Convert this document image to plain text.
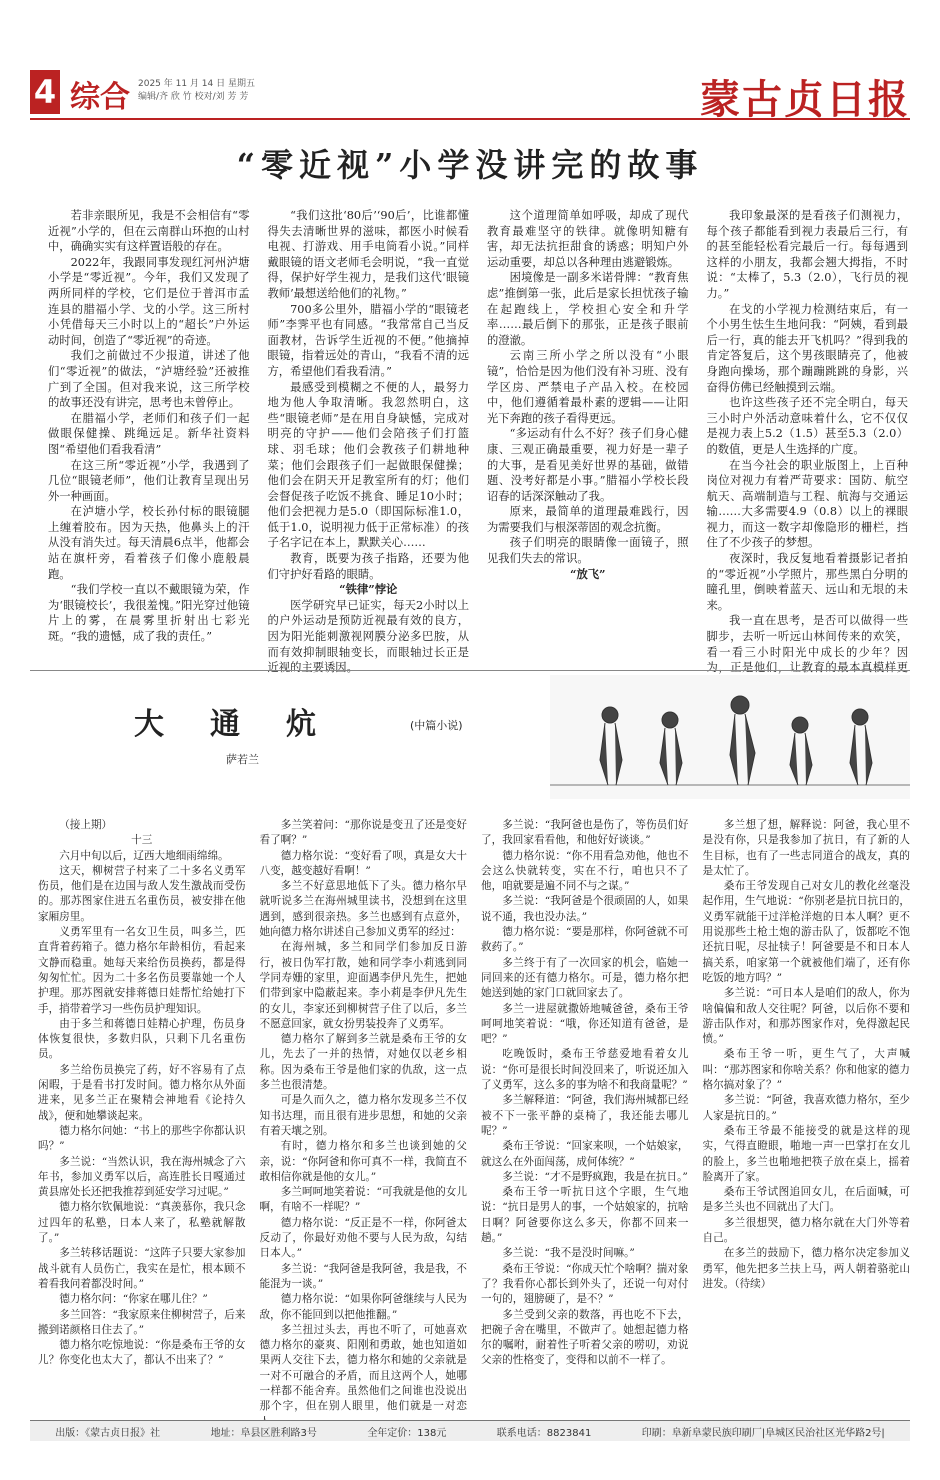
4 综合 2025 年 11 月 14 日 星期五
编辑/齐 欣 竹 校对/刘 芳 芳	蒙古贞日报
“零近视”小学没讲完的故事

若非亲眼所见，我是不会相信有“零近视”小学的，但在云南群山环抱的山村中，确确实实有这样置语般的存在。

2022年，我跟同事发现红河州泸塘小学是“零近视”。今年，我们又发现了两所同样的学校，它们是位于普洱市孟连县的腊福小学、戈的小学。这三所村小凭借每天三小时以上的“超长”户外运动时间，创造了“零近视”的奇迹。

我们之前做过不少报道，讲述了他们“零近视”的做法，“泸塘经验”还被推广到了全国。但对我来说，这三所学校的故事还没有讲完，思考也未曾停止。

在腊福小学，老师们和孩子们一起做眼保健操、跳绳远足。新华社资料图“希望他们看我看清”

在这三所“零近视”小学，我遇到了几位“眼镜老师”，他们让教育呈现出另外一种画面。

在泸塘小学，校长孙付标的眼镜腿上缠着胶布。因为天热，他鼻头上的汗从没有消失过。每天清晨6点半，他都会站在旗杆旁，看着孩子们像小鹿般晨跑。

“我们学校一直以不戴眼镜为荣，作为‘眼镜校长’，我很羞愧。”阳光穿过他镜片上的雾，在晨雾里折射出七彩光斑。“我的遗憾，成了我的责任。”

“我们这批‘80后’‘90后’，比谁都懂得失去清晰世界的滋味，都医小时候看电视、打游戏、用手电筒看小说。”同样戴眼镜的语文老师毛会明说，“我一直觉得，保护好学生视力，是我们这代‘眼镜教师’最想送给他们的礼物。”

700多公里外，腊福小学的“眼镜老师”李霁平也有同感。“我常常自己当反面教材，告诉学生近视的不便。”他摘掉眼镜，指着远处的青山，“我看不清的远方，希望他们看我看清。”

最感受到模糊之不便的人，最努力地为他人争取清晰。我忽然明白，这些“眼镜老师”是在用自身缺憾，完成对明亮的守护——他们会陪孩子们打篮球、羽毛球；他们会教孩子们耕地种菜；他们会跟孩子们一起做眼保健操；他们会在阴天开足教室所有的灯；他们会督促孩子吃饭不挑食、睡足10小时；他们会把视力是5.0（即国际标准1.0，低于1.0，说明视力低于正常标准）的孩子名字记在本上，默默关心……

教育，既要为孩子指路，还要为他们守护好看路的眼睛。

“铁律”悖论

医学研究早已证实，每天2小时以上的户外运动是预防近视最有效的良方，因为阳光能刺激视网膜分泌多巴胺，从而有效抑制眼轴变长，而眼轴过长正是近视的主要诱因。

这个道理简单如呼吸，却成了现代教育最难坚守的铁律。就像明知糖有害，却无法抗拒甜食的诱惑；明知户外运动重要，却总以各种理由逃避锻炼。

困境像是一副多米诺骨牌：“教育焦虑”推倒第一张，此后是家长担忧孩子输在起跑线上，学校担心安全和升学率……最后倒下的那张，正是孩子眼前的澄澈。

云南三所小学之所以没有“小眼镜”，恰恰是因为他们没有补习班、没有学区房、严禁电子产品入校。在校园中，他们遵循着最朴素的逻辑——让阳光下奔跑的孩子看得更远。

“多运动有什么不好？孩子们身心健康、三观正确最重要，视力好是一辈子的大事，是看见美好世界的基础，做错题、没考好都是小事。”腊福小学校长段诏春的话深深触动了我。

原来，最简单的道理最难践行，因为需要我们与根深蒂固的观念抗衡。

孩子们明亮的眼睛像一面镜子，照见我们失去的常识。

“放飞”

我印象最深的是看孩子们测视力，每个孩子都能看到视力表最后三行，有的甚至能轻松看完最后一行。每每遇到这样的小朋友，我都会翘大拇指，不时说：“太棒了，5.3（2.0），飞行员的视力。”

在戈的小学视力检测结束后，有一个小男生怯生生地问我：“阿姨，看到最后一行，真的能去开飞机吗？”得到我的肯定答复后，这个男孩眼睛亮了，他被身跑向操场，那个蹦蹦跳跳的身影，兴奋得仿佛已经触摸到云端。

也许这些孩子还不完全明白，每天三小时户外活动意味着什么，它不仅仅是视力表上5.2（1.5）甚至5.3（2.0）的数值，更是人生选择的广度。

在当今社会的职业版图上，上百种岗位对视力有着严苛要求：国防、航空航天、高端制造与工程、航海与交通运输……大多需要4.9（0.8）以上的裸眼视力，而这一数字却像隐形的栅栏，挡住了不少孩子的梦想。

夜深时，我反复地看着摄影记者拍的“零近视”小学照片，那些黑白分明的瞳孔里，倒映着蓝天、远山和无垠的未来。

我一直在思考，是否可以做得一些脚步，去听一听远山林间传来的欢笑，看一看三小时阳光中成长的少年？因为，正是他们，让教育的最本真模样更

大通炕	(中篇小说)
萨若兰

（接上期）

十三

六月中旬以后，辽西大地细雨绵绵。

这天，柳树营子村来了二十多名义勇军伤员，他们是在边国与敌人发生激战而受伤的。那苏图家住进五名重伤员，被安排在他家厢房里。

义勇军里有一名女卫生员，叫多兰，匹直背着药箱子。德力格尔年龄相仿，看起来文静而稳重。她每天来给伤员换药，都是得匆匆忙忙。因为二十多名伤员要靠她一个人护理。那苏图就安排蒋德日娃帮忙给她打下手，捎带着学习一些伤员护理知识。

由于多兰和蒋德日娃精心护理，伤员身体恢复很快，多数归队，只剩下几名重伤员。

多兰给伤员换完了药，好不容易有了点闲暇，于是看书打发时间。德力格尔从外面进来，见多兰正在聚精会神地看《论持久战》，便和她攀谈起来。

德力格尔问她：“书上的那些字你都认识吗？”

多兰说：“当然认识，我在海州城念了六年书，参加义勇军以后，高连胜长日嘎通过黄县席处长还把我推荐到延安学习过呢。”

德力格尔钦佩地说：“真羡慕你，我只念过四年的私塾，日本人来了，私塾就解散了。”

多兰转移话题说：“这阵子只要大家参加战斗就有人员伤亡，我实在是忙，根本顾不着看我问着都没时间。”

德力格尔问：“你家在哪儿住？”

多兰回答：“我家原来住柳树营子，后来搬到诺颜格日住去了。”

德力格尔吃惊地说：“你是桑布王爷的女儿？你变化也太大了，都认不出来了？”

多兰笑着问：“那你说是变丑了还是变好看了啊？”

德力格尔说：“变好看了呗，真是女大十八变，越变越好看啊！”

多兰不好意思地低下了头。德力格尔早就听说多兰在海州城里读书，没想到在这里遇到，感到很亲热。多兰也感到有点意外，她向德力格尔讲述自己参加义勇军的经过：

在海州城，多兰和同学们参加反日游行，被日伪军打散，她和同学李小莉逃到同学同寿姗的家里，迎面遇李伊凡先生，把她们带到家中隐蔽起来。李小莉是李伊凡先生的女儿，李家还到柳树营子住了以后，多兰不愿意回家，就女扮男装投奔了义勇军。

德力格尔了解到多兰就是桑布王爷的女儿，先去了一并的热情，对她仅以老乡相称。因为桑布王爷是他们家的仇敌，这一点多兰也很清楚。

可是久而久之，德力格尔发现多兰不仅知书达理，而且很有进步思想，和她的父亲有着天壤之别。

有时，德力格尔和多兰也谈到她的父亲，说：“你阿爸和你可真不一样，我简直不敢相信你就是他的女儿。”

多兰呵呵地笑着说：“可我就是他的女儿啊，有啥不一样呢？”

德力格尔说：“反正是不一样，你阿爸太反动了，你最好劝他不要与人民为敌，勾结日本人。”

多兰说：“我阿爸是我阿爸，我是我，不能混为一谈。”

德力格尔说：“如果你阿爸继续与人民为敌，你不能回到以把他推翻。”

多兰扭过头去，再也不听了，可她喜欢德力格尔的豪爽、阳刚和勇敢，她也知道如果两人交往下去，德力格尔和她的父亲就是一对不可融合的矛盾，而且这两个人，她哪一样都不能舍弃。虽然他们之间谁也没说出那个字，但在别人眼里，他们就是一对恋

多兰说：“我阿爸也是伤了，等伤员们好了，我回家看看他，和他好好谈谈。”

德力格尔说：“你不用看急劝他，他也不会这么快就转变，实在不行，咱也只不了他，咱就要是遍不同不与之谋。”

多兰说：“我阿爸是个很顽固的人，如果说不通，我也没办法。”

德力格尔说：“要是那样，你阿爸就不可救药了。”

多兰终于有了一次回家的机会，临她一同回来的还有德力格尔。可是，德力格尔把她送到她的家门口就回家去了。

多兰一进屋就撒娇地喊爸爸，桑布王爷呵呵地笑着说：“哦，你还知道有爸爸，是吧？”

吃晚饭时，桑布王爷慈爱地看着女儿说：“你可是很长时间没回来了，听说还加入了义勇军，这么多的事为啥不和我商量呢？”

多兰解释道：“阿爸，我们海州城都已经被不下一张平静的桌椅了，我还能去哪儿呢？”

桑布王爷说：“回家来呗，一个姑娘家，就这么在外面闯荡，成何体统？”

多兰说：“才不是野疯跑，我是在抗日。”

桑布王爷一听抗日这个字眼，生气地说：“抗日是男人的事，一个姑娘家的，抗啥日啊？阿爸要你这么多天，你都不回来一趟。”

多兰说：“我不是没时间嘛。”

桑布王爷说：“你成天忙个啥啊？揣对象了？我看你心都长到外头了，还说一句对付一句的，翅膀硬了，是不？”

多兰受到父亲的数落，再也吃不下去，把碗子舍在嘴里，不做声了。她想起德力格尔的嘱咐，耐着性子听着父亲的唠叨，劝说父亲的性格变了，变得和以前不一样了。

多兰想了想，解释说：阿爸，我心里不是没有你，只是我参加了抗日，有了新的人生目标，也有了一些志同道合的战友，真的是太忙了。

桑布王爷发现自己对女儿的教化丝毫没起作用，生气地说：“你别老是抗日抗日的，义勇军就能干过洋枪洋炮的日本人啊？更不用说那些土枪土炮的游击队了，饭都吃不饱还抗日呢，尽扯犊子！阿爸要是不和日本人搞关系，咱家第一个就被他们端了，还有你吃饭的地方吗？”

多兰说：“可日本人是咱们的敌人，你为啥偏偏和敌人交往呢？阿爸，以后你不要和游击队作对，和那苏图家作对，免得激起民愤。”

桑布王爷一听，更生气了，大声喊叫：“那苏图家和你啥关系？你和他家的德力格尔搞对象了？”

多兰说：“阿爸，我喜欢德力格尔，至少人家是抗日的。”

桑布王爷最不能接受的就是这样的现实，气得直瞪眼，啪地一声一巴掌打在女儿的脸上，多兰也啪地把筷子放在桌上，摇着脸离开了家。

桑布王爷试图追回女儿，在后面喊，可是多兰头也不回就出了大门。

多兰很想哭，德力格尔就在大门外等着自己。

在多兰的鼓励下，德力格尔决定参加义勇军，他先把多兰扶上马，两人朝着骆驼山进发。（待续）

出版：《蒙古贞日报》社	地址：阜县区胜利路3号	全年定价：138元	联系电话：8823841	印刷：阜新阜蒙民族印刷厂|阜城区民治社区光华路2号|
